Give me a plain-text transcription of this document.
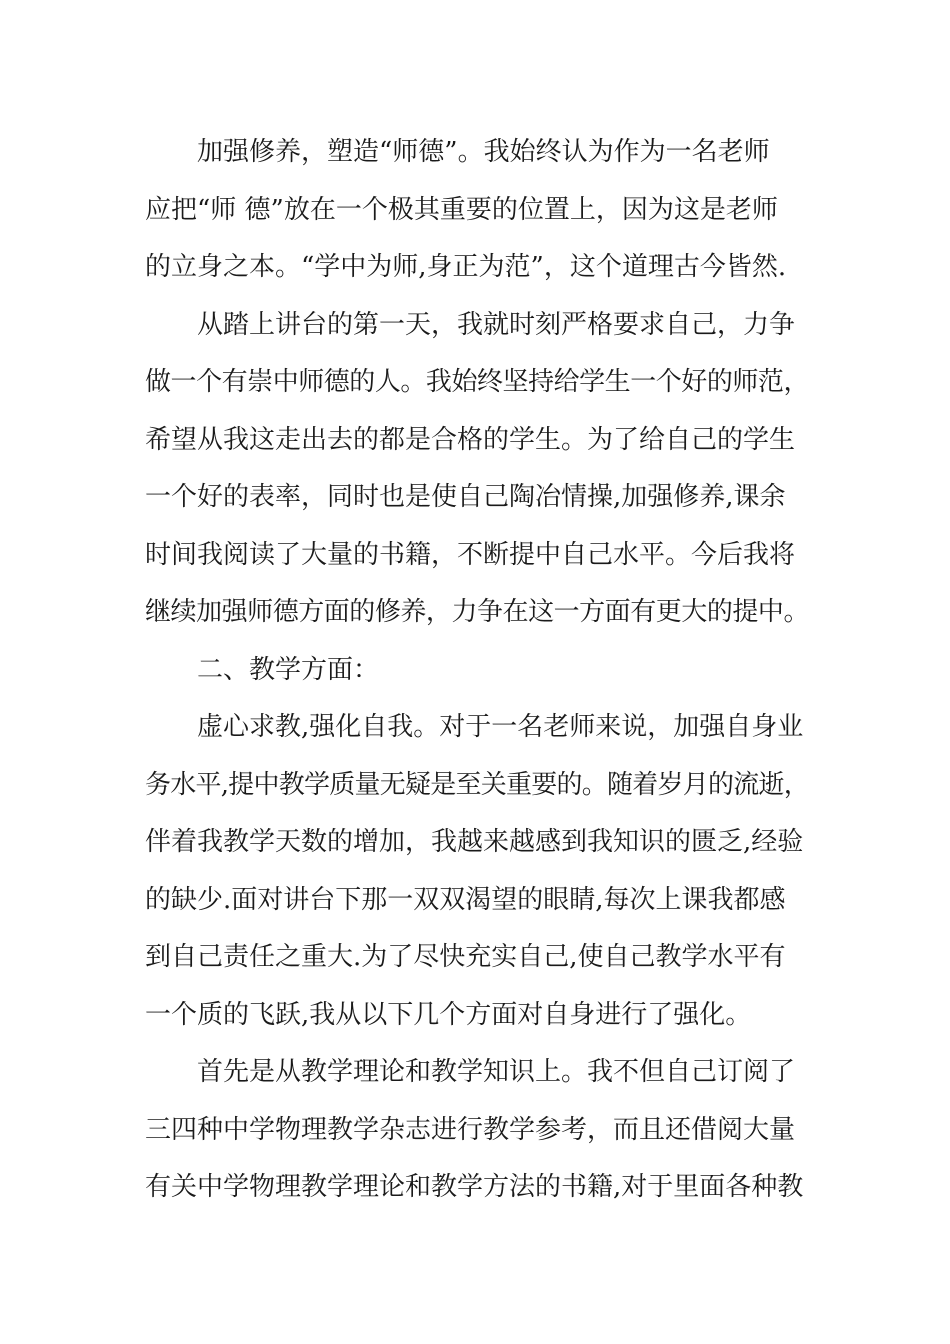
加强修养，塑造“师德”。我始终认为作为一名老师
应把“师 德”放在一个极其重要的位置上，因为这是老师
的立身之本。“学中为师,身正为范”，这个道理古今皆然.
从踏上讲台的第一天，我就时刻严格要求自己，力争
做一个有崇中师德的人。我始终坚持给学生一个好的师范，
希望从我这走出去的都是合格的学生。为了给自己的学生
一个好的表率，同时也是使自己陶冶情操,加强修养,课余
时间我阅读了大量的书籍，不断提中自己水平。今后我将
继续加强师德方面的修养，力争在这一方面有更大的提中。
二、教学方面：
虚心求教,强化自我。对于一名老师来说，加强自身业
务水平,提中教学质量无疑是至关重要的。随着岁月的流逝，
伴着我教学天数的增加，我越来越感到我知识的匮乏,经验
的缺少.面对讲台下那一双双渴望的眼睛,每次上课我都感
到自己责任之重大.为了尽快充实自己,使自己教学水平有
一个质的飞跃,我从以下几个方面对自身进行了强化。
首先是从教学理论和教学知识上。我不但自己订阅了
三四种中学物理教学杂志进行教学参考，而且还借阅大量
有关中学物理教学理论和教学方法的书籍,对于里面各种教
